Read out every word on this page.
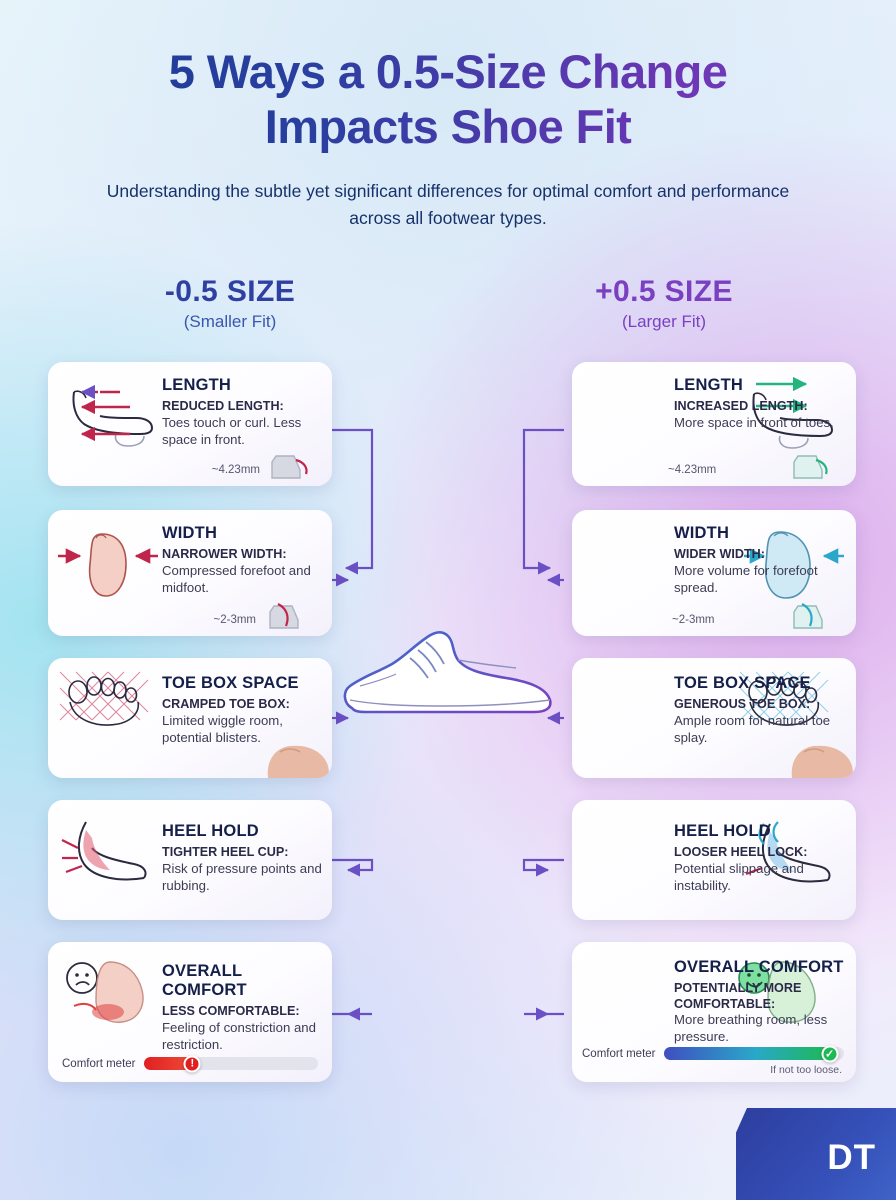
5 Ways a 0.5-Size Change
Impacts Shoe Fit
Understanding the subtle yet significant differences for optimal comfort and performance across all footwear types.
-0.5 SIZE
(Smaller Fit)
+0.5 SIZE
(Larger Fit)
LENGTH
REDUCED LENGTH:
Toes touch or curl. Less space in front.
~4.23mm
WIDTH
NARROWER WIDTH:
Compressed forefoot and midfoot.
~2-3mm
TOE BOX SPACE
CRAMPED TOE BOX:
Limited wiggle room, potential blisters.
HEEL HOLD
TIGHTER HEEL CUP:
Risk of pressure points and rubbing.
OVERALL COMFORT
LESS COMFORTABLE:
Feeling of constriction and restriction.
Comfort meter	!
LENGTH
INCREASED LENGTH:
More space in front of toes.
~4.23mm
WIDTH
WIDER WIDTH:
More volume for forefoot spread.
~2-3mm
TOE BOX SPACE
GENEROUS TOE BOX:
Ample room for natural toe splay.
HEEL HOLD
LOOSER HEEL LOCK:
Potential slippage and instability.
OVERALL COMFORT
POTENTIALLY MORE COMFORTABLE:
More breathing room, less pressure.
Comfort meter	✓
If not too loose.
DT
